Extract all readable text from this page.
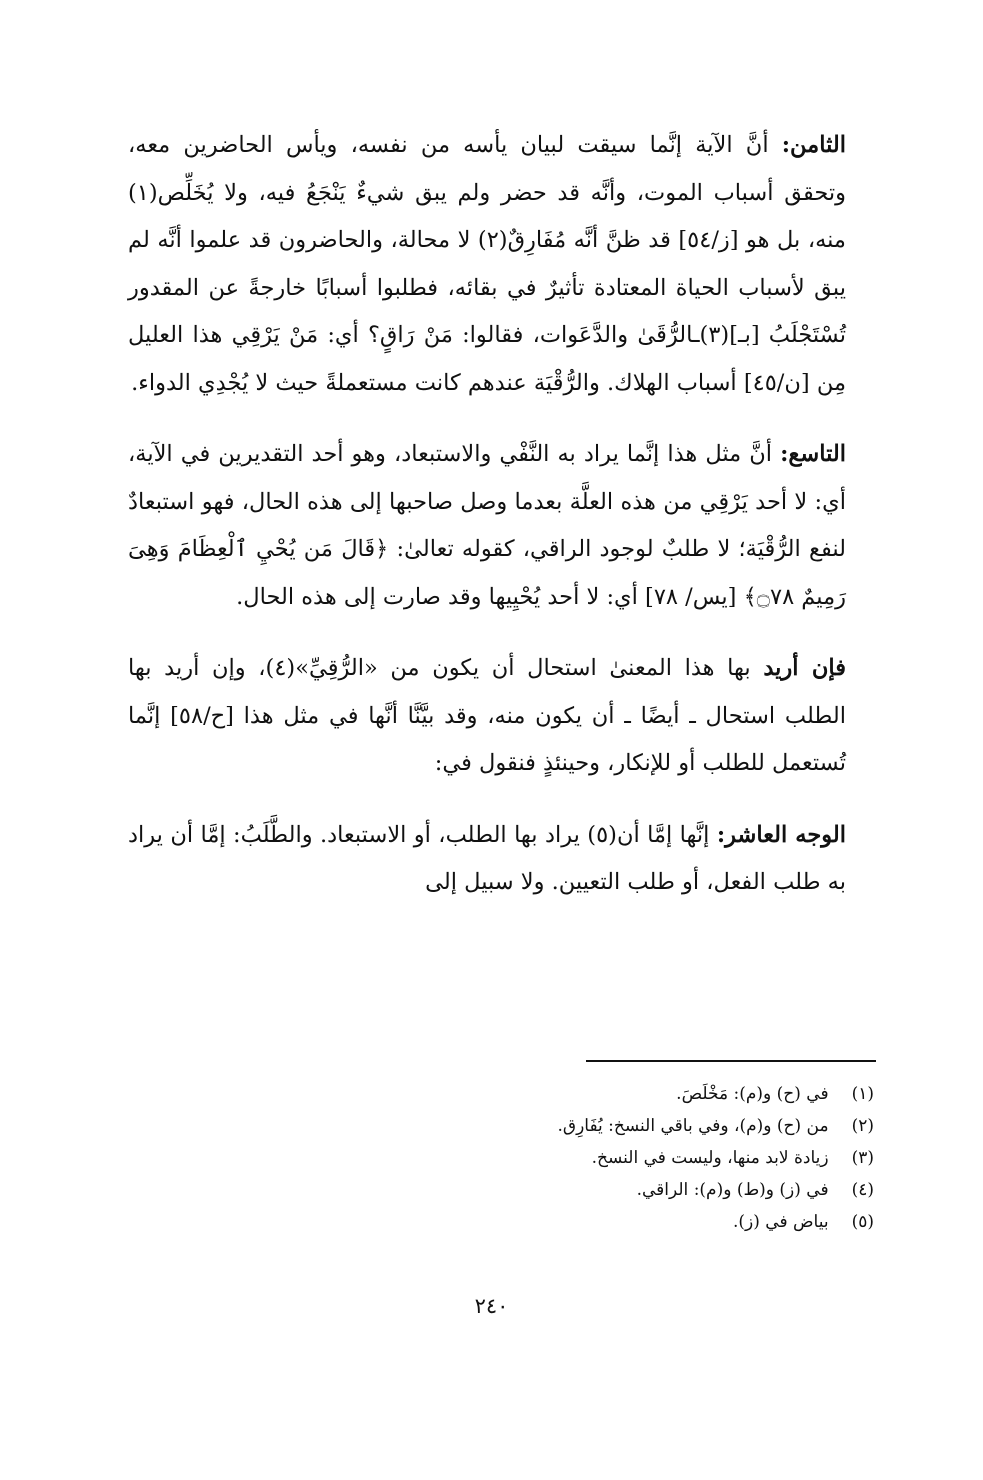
الثامن: أنَّ الآية إنَّما سيقت لبيان يأسه من نفسه، ويأس الحاضرين معه، وتحقق أسباب الموت، وأنَّه قد حضر ولم يبق شيءٌ يَنْجَعُ فيه، ولا يُخَلِّص(١) منه، بل هو [ز/٥٤] قد ظنَّ أنَّه مُفَارِقٌ(٢) لا محالة، والحاضرون قد علموا أنَّه لم يبق لأسباب الحياة المعتادة تأثيرٌ في بقائه، فطلبوا أسبابًا خارجةً عن المقدور تُسْتَجْلَبُ [بـ](٣)ـالرُّقَىٰ والدَّعَوات، فقالوا: مَنْ رَاقٍ؟ أي: مَنْ يَرْقِي هذا العليل مِن [ن/٤٥] أسباب الهلاك. والرُّقْيَة عندهم كانت مستعملةً حيث لا يُجْدِي الدواء.

التاسع: أنَّ مثل هذا إنَّما يراد به النَّفْي والاستبعاد، وهو أحد التقديرين في الآية، أي: لا أحد يَرْقِي من هذه العلَّة بعدما وصل صاحبها إلى هذه الحال، فهو استبعادٌ لنفع الرُّقْيَة؛ لا طلبٌ لوجود الراقي، كقوله تعالىٰ: ﴿قَالَ مَن يُحْيِ ٱلْعِظَامَ وَهِىَ رَمِيمٌ ۝٧٨﴾ [يس/ ٧٨] أي: لا أحد يُحْيِيها وقد صارت إلى هذه الحال.

فإن أريد بها هذا المعنىٰ استحال أن يكون من «الرُّقِيِّ»(٤)، وإن أريد بها الطلب استحال ـ أيضًا ـ أن يكون منه، وقد بيَّنَّا أنَّها في مثل هذا [ح/٥٨] إنَّما تُستعمل للطلب أو للإنكار، وحينئذٍ فنقول في:

الوجه العاشر: إنَّها إمَّا أن(٥) يراد بها الطلب، أو الاستبعاد. والطَّلَبُ: إمَّا أن يراد به طلب الفعل، أو طلب التعيين. ولا سبيل إلى

(١) في (ح) و(م): مَخْلَصَ.
(٢) من (ح) و(م)، وفي باقي النسخ: يُفَارِق.
(٣) زيادة لابد منها، وليست في النسخ.
(٤) في (ز) و(ط) و(م): الراقي.
(٥) بياض في (ز).
٢٤٠
